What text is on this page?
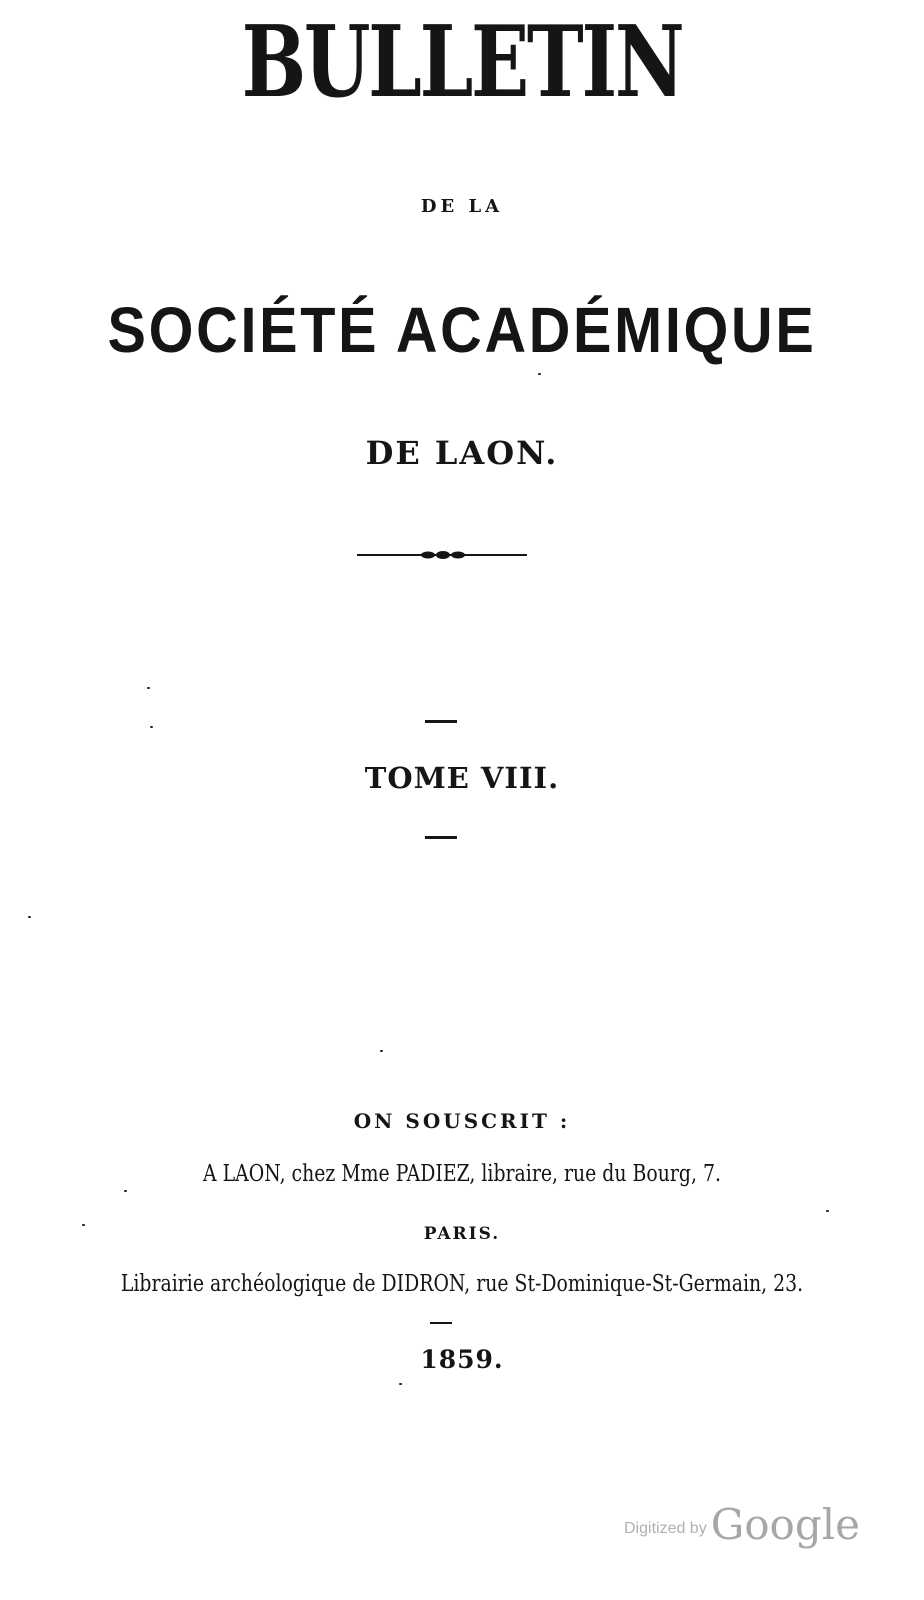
BULLETIN
DE LA
SOCIÉTÉ ACADÉMIQUE
DE LAON.
TOME VIII.
ON SOUSCRIT :
A LAON, chez Mme PADIEZ, libraire, rue du Bourg, 7.
PARIS.
Librairie archéologique de DIDRON, rue St-Dominique-St-Germain, 23.
1859.
Digitized byGoogle
